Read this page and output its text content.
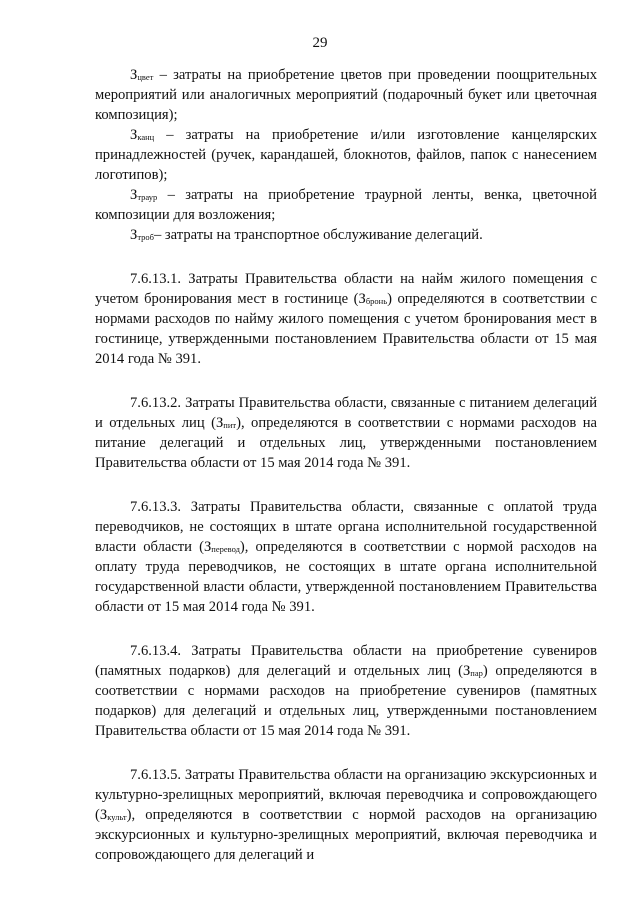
29

Зцвет – затраты на приобретение цветов при проведении поощрительных мероприятий или аналогичных мероприятий (подарочный букет или цветочная композиция);

Зканц – затраты на приобретение и/или изготовление канцелярских принадлежностей (ручек, карандашей, блокнотов, файлов, папок с нанесением логотипов);

Зтраур – затраты на приобретение траурной ленты, венка, цветочной композиции для возложения;

Зтроб– затраты на транспортное обслуживание делегаций.

7.6.13.1. Затраты Правительства области на найм жилого помещения с учетом бронирования мест в гостинице (Збронь) определяются в соответствии с нормами расходов по найму жилого помещения с учетом бронирования мест в гостинице, утвержденными постановлением Правительства области от 15 мая 2014 года № 391.

7.6.13.2. Затраты Правительства области, связанные с питанием делегаций и отдельных лиц (Зпит), определяются в соответствии с нормами расходов на питание делегаций и отдельных лиц, утвержденными постановлением Правительства области от 15 мая 2014 года № 391.

7.6.13.3. Затраты Правительства области, связанные с оплатой труда переводчиков, не состоящих в штате органа исполнительной государственной власти области (Зперевод), определяются в соответствии с нормой расходов на оплату труда переводчиков, не состоящих в штате органа исполнительной государственной власти области, утвержденной постановлением Правительства области от 15 мая 2014 года № 391.

7.6.13.4. Затраты Правительства области на приобретение сувениров (памятных подарков) для делегаций и отдельных лиц (Зпар) определяются в соответствии с нормами расходов на приобретение сувениров (памятных подарков) для делегаций и отдельных лиц, утвержденными постановлением Правительства области от 15 мая 2014 года № 391.

7.6.13.5. Затраты Правительства области на организацию экскурсионных и культурно-зрелищных мероприятий, включая переводчика и сопровождающего (Зкульт), определяются в соответствии с нормой расходов на организацию экскурсионных и культурно-зрелищных мероприятий, включая переводчика и сопровождающего для делегаций и
